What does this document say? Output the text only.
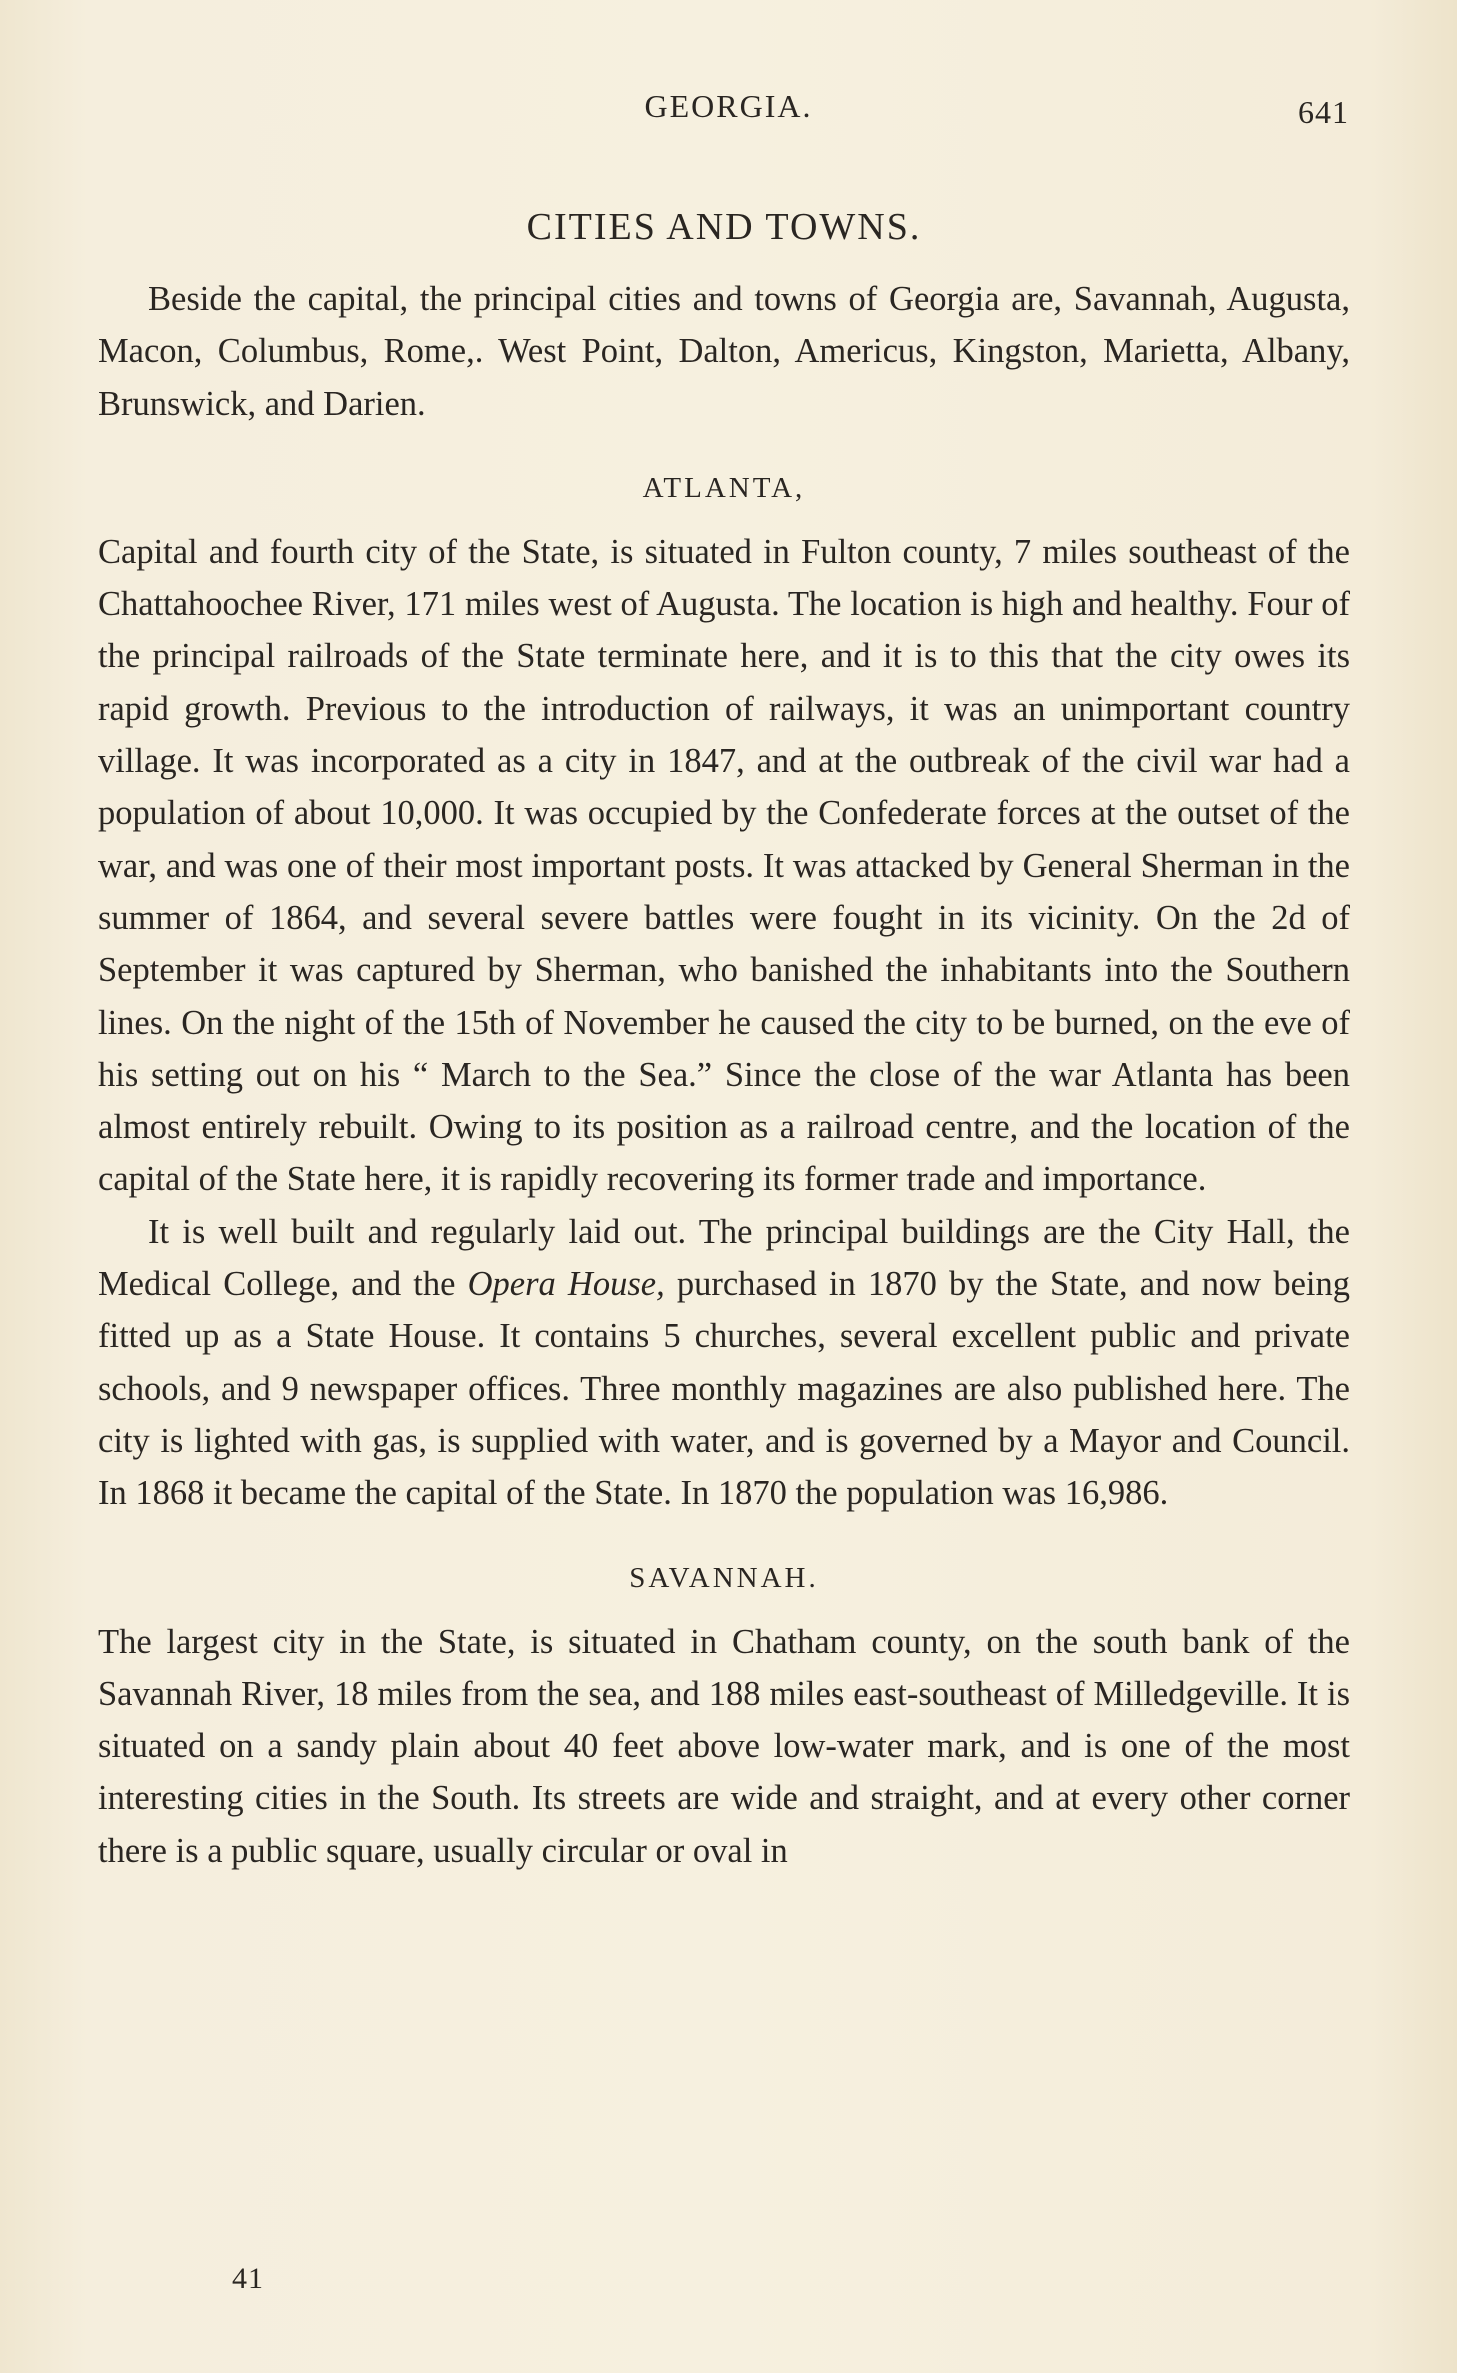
GEORGIA.	641
CITIES AND TOWNS.

Beside the capital, the principal cities and towns of Georgia are, Savannah, Augusta, Macon, Columbus, Rome,. West Point, Dalton, Americus, Kingston, Marietta, Albany, Brunswick, and Darien.

ATLANTA,

Capital and fourth city of the State, is situated in Fulton county, 7 miles southeast of the Chattahoochee River, 171 miles west of Augusta. The location is high and healthy. Four of the principal railroads of the State terminate here, and it is to this that the city owes its rapid growth. Previous to the introduction of railways, it was an unimportant country village. It was incorporated as a city in 1847, and at the outbreak of the civil war had a population of about 10,000. It was occupied by the Confederate forces at the outset of the war, and was one of their most important posts. It was attacked by General Sherman in the summer of 1864, and several severe battles were fought in its vicinity. On the 2d of September it was captured by Sherman, who banished the inhabitants into the Southern lines. On the night of the 15th of November he caused the city to be burned, on the eve of his setting out on his “ March to the Sea.” Since the close of the war Atlanta has been almost entirely rebuilt. Owing to its position as a railroad centre, and the location of the capital of the State here, it is rapidly recovering its former trade and importance.

It is well built and regularly laid out. The principal buildings are the City Hall, the Medical College, and the Opera House, purchased in 1870 by the State, and now being fitted up as a State House. It contains 5 churches, several excellent public and private schools, and 9 newspaper offices. Three monthly magazines are also published here. The city is lighted with gas, is supplied with water, and is governed by a Mayor and Council. In 1868 it became the capital of the State. In 1870 the population was 16,986.

SAVANNAH.

The largest city in the State, is situated in Chatham county, on the south bank of the Savannah River, 18 miles from the sea, and 188 miles east-southeast of Milledgeville. It is situated on a sandy plain about 40 feet above low-water mark, and is one of the most interesting cities in the South. Its streets are wide and straight, and at every other corner there is a public square, usually circular or oval in

41
